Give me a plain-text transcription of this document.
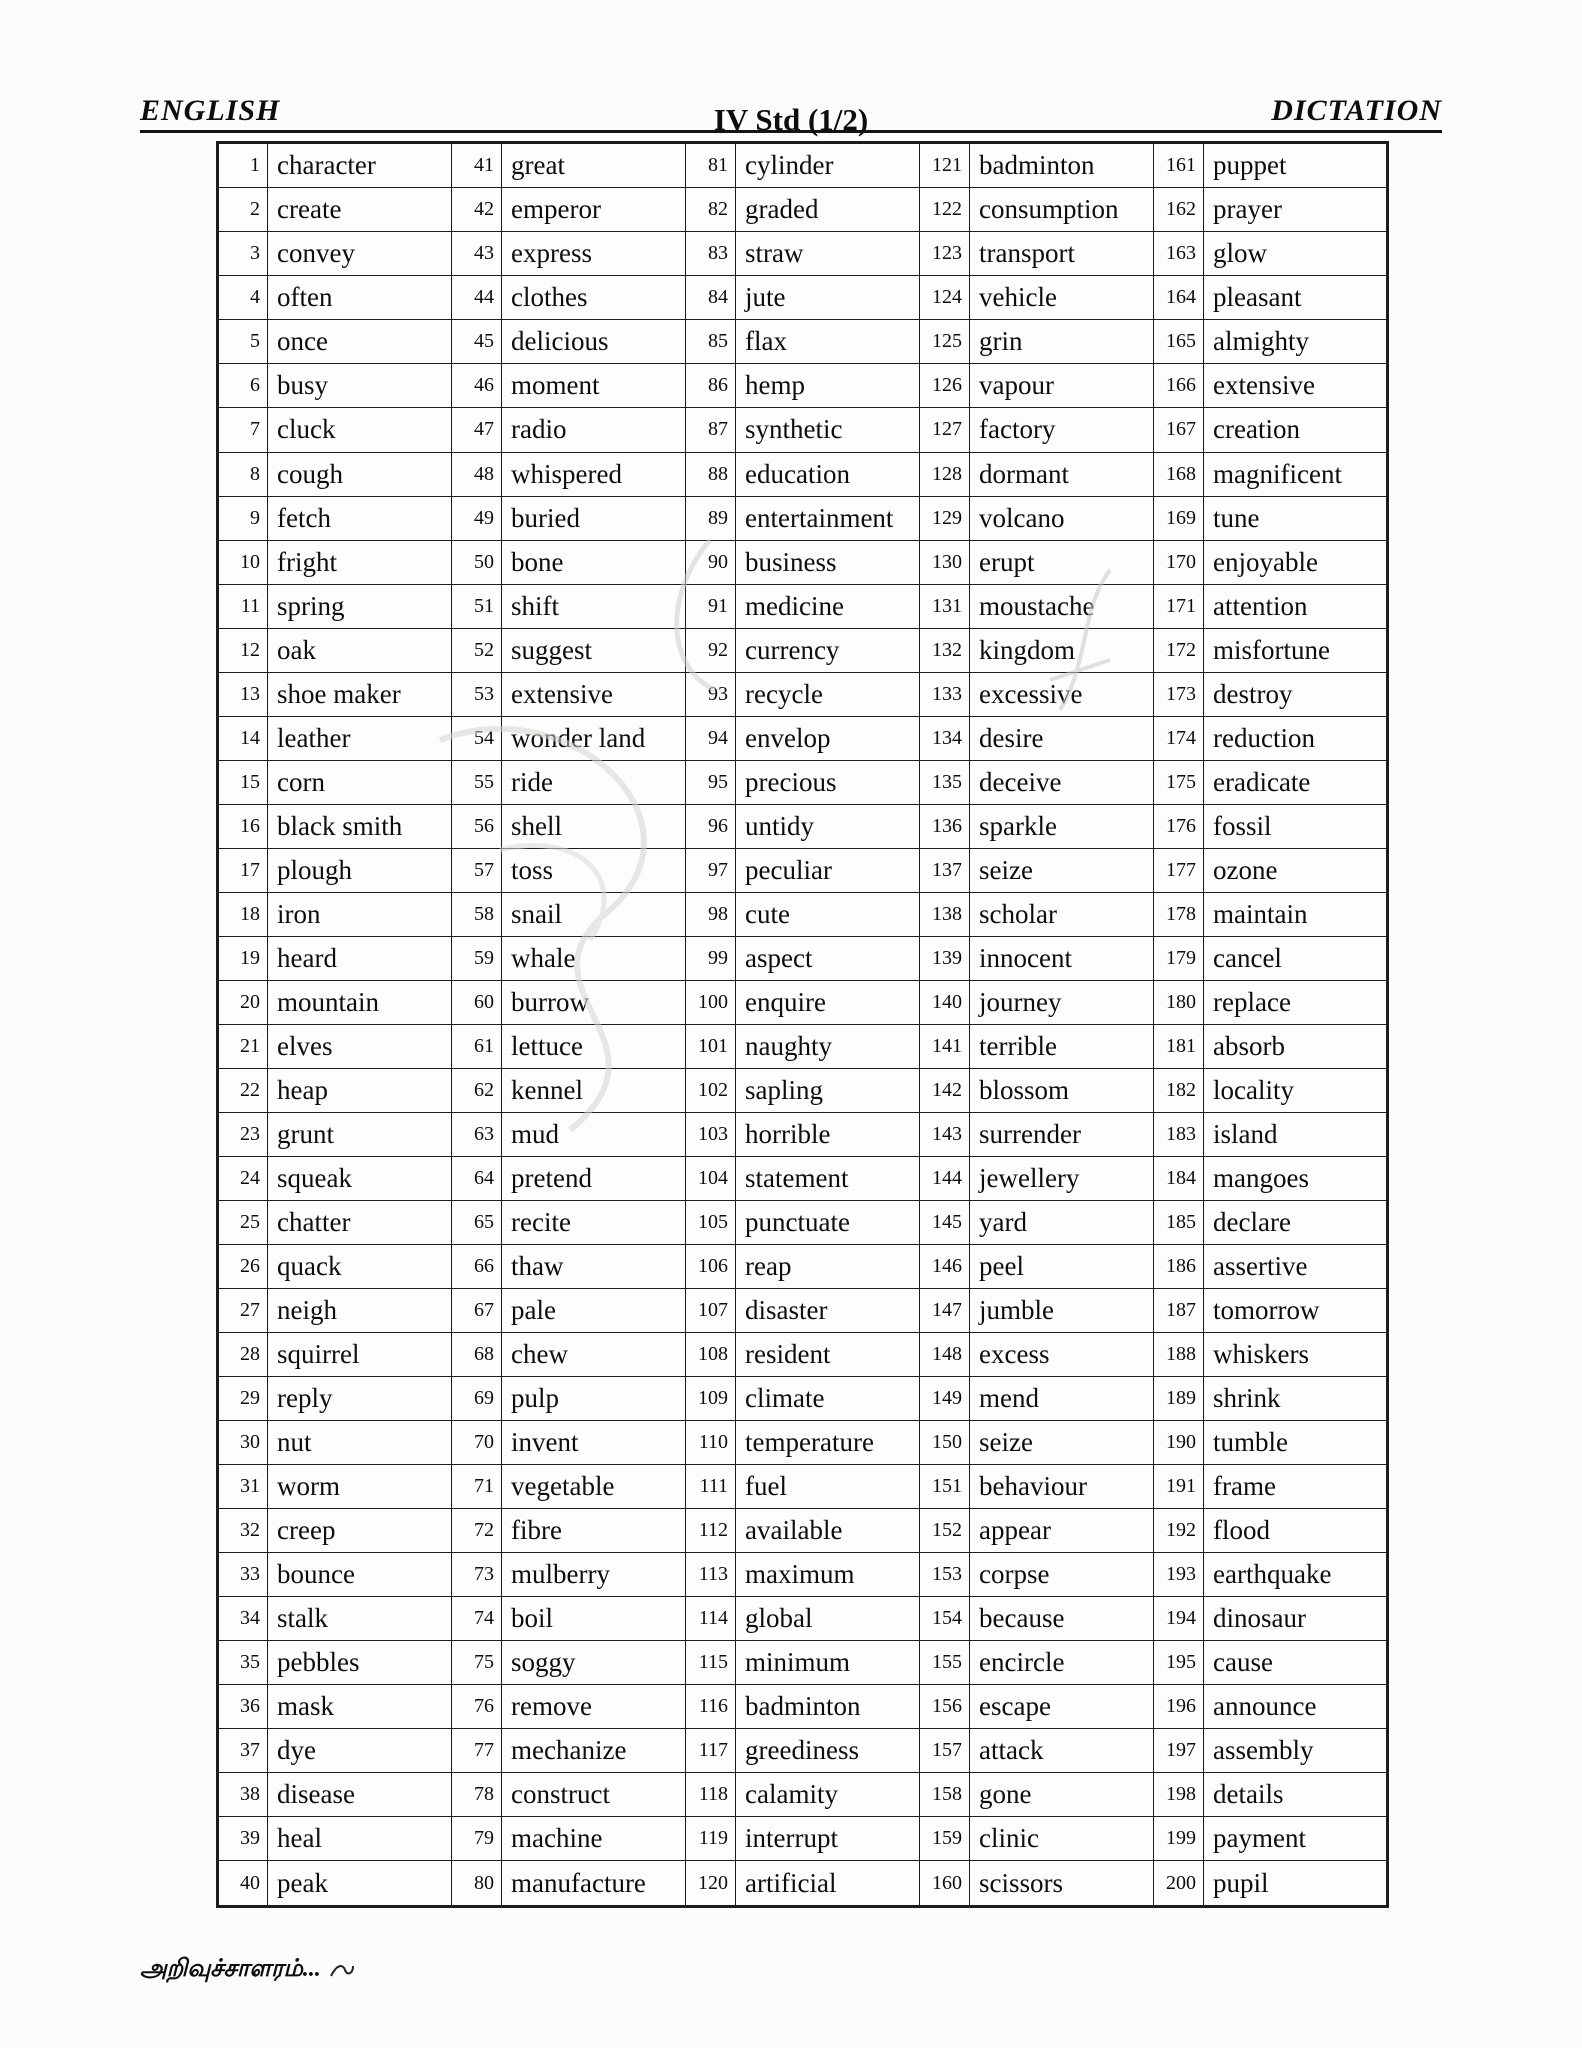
ENGLISH	IV Std (1/2)	DICTATION
1	character	41	great	81	cylinder	121	badminton	161	puppet
2	create	42	emperor	82	graded	122	consumption	162	prayer
3	convey	43	express	83	straw	123	transport	163	glow
4	often	44	clothes	84	jute	124	vehicle	164	pleasant
5	once	45	delicious	85	flax	125	grin	165	almighty
6	busy	46	moment	86	hemp	126	vapour	166	extensive
7	cluck	47	radio	87	synthetic	127	factory	167	creation
8	cough	48	whispered	88	education	128	dormant	168	magnificent
9	fetch	49	buried	89	entertainment	129	volcano	169	tune
10	fright	50	bone	90	business	130	erupt	170	enjoyable
11	spring	51	shift	91	medicine	131	moustache	171	attention
12	oak	52	suggest	92	currency	132	kingdom	172	misfortune
13	shoe maker	53	extensive	93	recycle	133	excessive	173	destroy
14	leather	54	wonder land	94	envelop	134	desire	174	reduction
15	corn	55	ride	95	precious	135	deceive	175	eradicate
16	black smith	56	shell	96	untidy	136	sparkle	176	fossil
17	plough	57	toss	97	peculiar	137	seize	177	ozone
18	iron	58	snail	98	cute	138	scholar	178	maintain
19	heard	59	whale	99	aspect	139	innocent	179	cancel
20	mountain	60	burrow	100	enquire	140	journey	180	replace
21	elves	61	lettuce	101	naughty	141	terrible	181	absorb
22	heap	62	kennel	102	sapling	142	blossom	182	locality
23	grunt	63	mud	103	horrible	143	surrender	183	island
24	squeak	64	pretend	104	statement	144	jewellery	184	mangoes
25	chatter	65	recite	105	punctuate	145	yard	185	declare
26	quack	66	thaw	106	reap	146	peel	186	assertive
27	neigh	67	pale	107	disaster	147	jumble	187	tomorrow
28	squirrel	68	chew	108	resident	148	excess	188	whiskers
29	reply	69	pulp	109	climate	149	mend	189	shrink
30	nut	70	invent	110	temperature	150	seize	190	tumble
31	worm	71	vegetable	111	fuel	151	behaviour	191	frame
32	creep	72	fibre	112	available	152	appear	192	flood
33	bounce	73	mulberry	113	maximum	153	corpse	193	earthquake
34	stalk	74	boil	114	global	154	because	194	dinosaur
35	pebbles	75	soggy	115	minimum	155	encircle	195	cause
36	mask	76	remove	116	badminton	156	escape	196	announce
37	dye	77	mechanize	117	greediness	157	attack	197	assembly
38	disease	78	construct	118	calamity	158	gone	198	details
39	heal	79	machine	119	interrupt	159	clinic	199	payment
40	peak	80	manufacture	120	artificial	160	scissors	200	pupil
அறிவுச்சாளரம்...
